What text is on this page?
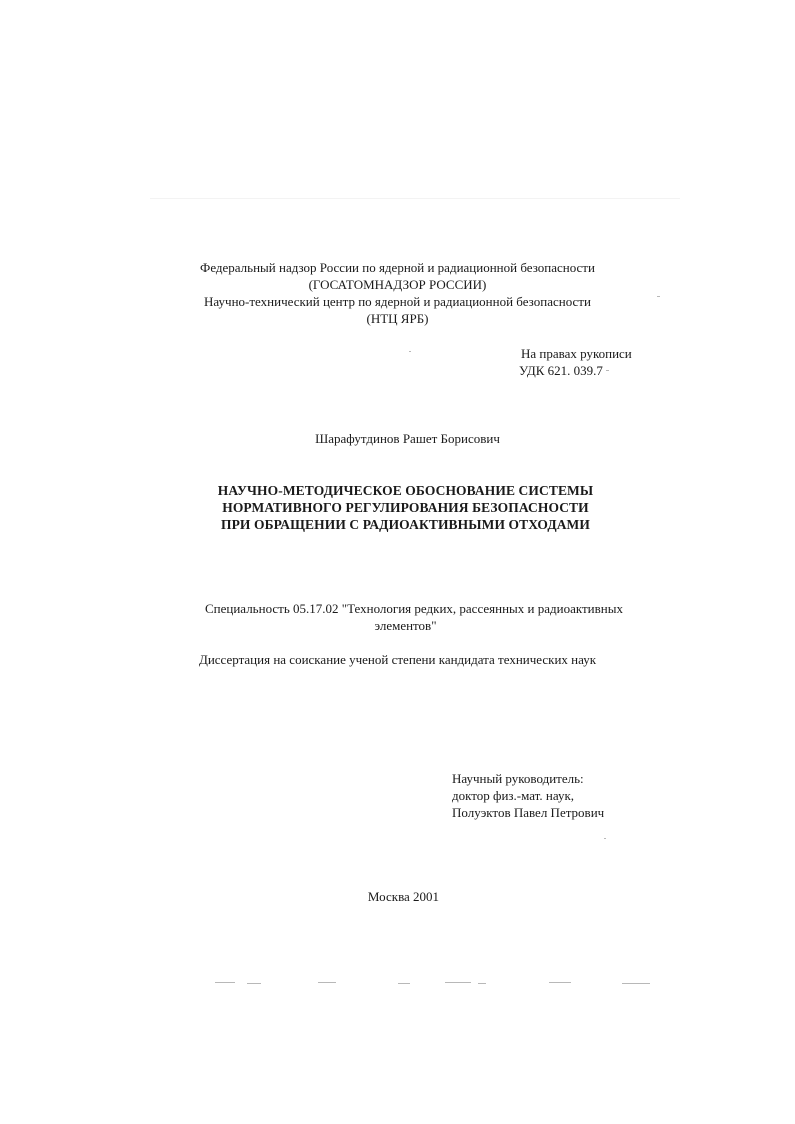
Федеральный надзор России по ядерной и радиационной безопасности
(ГОСАТОМНАДЗОР РОССИИ)
Научно-технический центр по ядерной и радиационной безопасности
(НТЦ ЯРБ)
На правах рукописи
УДК 621. 039.7
Шарафутдинов Рашет Борисович
НАУЧНО-МЕТОДИЧЕСКОЕ ОБОСНОВАНИЕ СИСТЕМЫ
НОРМАТИВНОГО РЕГУЛИРОВАНИЯ БЕЗОПАСНОСТИ
ПРИ ОБРАЩЕНИИ С РАДИОАКТИВНЫМИ ОТХОДАМИ
Специальность 05.17.02 "Технология редких, рассеянных и радиоактивных
элементов"
Диссертация на соискание ученой степени кандидата технических наук
Научный руководитель:
доктор физ.-мат. наук,
Полуэктов Павел Петрович
Москва 2001
